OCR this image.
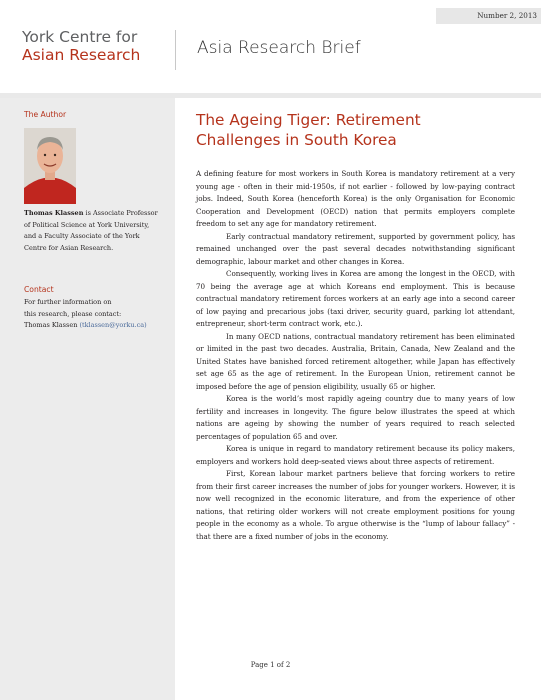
Number 2, 2013
York Centre for
Asian Research	Asia Research Brief
The Author
Thomas Klassen is Associate Professor of Political Science at York University, and a Faculty Associate of the York Centre for Asian Research.
Contact
For further information on
this research, please contact:
Thomas Klassen (tklassen@yorku.ca)
The Ageing Tiger: Retirement
Challenges in South Korea

A defining feature for most workers in South Korea is mandatory retirement at a very young age - often in their mid-1950s, if not earlier - followed by low-paying contract jobs. Indeed, South Korea (henceforth Korea) is the only Organisation for Economic Cooperation and Development (OECD) nation that permits employers complete freedom to set any age for mandatory retirement.

Early contractual mandatory retirement, supported by government policy, has remained unchanged over the past several decades notwithstanding significant demographic, labour market and other changes in Korea.

Consequently, working lives in Korea are among the longest in the OECD, with 70 being the average age at which Koreans end employment. This is because contractual mandatory retirement forces workers at an early age into a second career of low paying and precarious jobs (taxi driver, security guard, parking lot attendant, entrepreneur, short-term contract work, etc.).

In many OECD nations, contractual mandatory retirement has been eliminated or limited in the past two decades. Australia, Britain, Canada, New Zealand and the United States have banished forced retirement altogether, while Japan has effectively set age 65 as the age of retirement. In the European Union, retirement cannot be imposed before the age of pension eligibility, usually 65 or higher.

Korea is the world’s most rapidly ageing country due to many years of low fertility and increases in longevity. The figure below illustrates the speed at which nations are ageing by showing the number of years required to reach selected percentages of population 65 and over.

Korea is unique in regard to mandatory retirement because its policy makers, employers and workers hold deep-seated views about three aspects of retirement.

First, Korean labour market partners believe that forcing workers to retire from their first career increases the number of jobs for younger workers. However, it is now well recognized in the economic literature, and from the experience of other nations, that retiring older workers will not create employment positions for young people in the economy as a whole. To argue otherwise is the “lump of labour fallacy” - that there are a fixed number of jobs in the economy.

Page 1 of 2
